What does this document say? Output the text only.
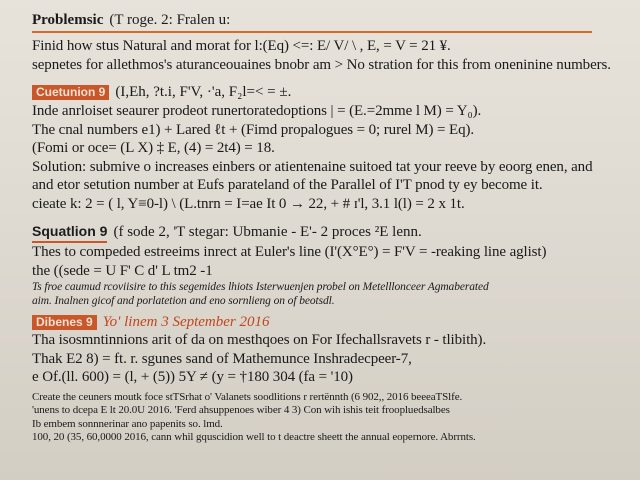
Problemsic (T roge. 2: Fralen u:
Finid how stus Natural and morat for l:(Eq) <=: E/ V/ \ , E, = V = 21 ¥.
sepnetes for allethmos's aturanceouaines bnobr am > No stration for this from oneninine numbers.
Cuetunion 9 (I,Eh, ?t.i, F'V, ·'a, F₂l=< = ±.
Inde anrloiset seaurer prodeot runertoratedoptions | = (E.=2mme l M) = Y₀).
The cnal numbers e1) + Lared ℓt + (Fimd propalogues = 0; rurel M) = Eq).
(Fomi or oce= (L X) ‡ E, (4) = 2t4) = 18.
Solution: submive o increases einbers or atientenaine suitoed tat your reeve by eoorg enen, and
and etor setution number at Eufs parateland of the Parallel of I'T pnod ty ey become it.
cieate k: 2 = ( l, Y≡0-l) \ (L.tnrn = I=ae It 0 → 22, + # ɪ'l, 3.1 l(l) = 2 x 1t.
Squatlion 9 (f sode 2, 'T stegar: Ubmanie - E'- 2 proces ²E lenn.
Thes to compeded estreeims inrect at Euler's line (I'(X°E°) = F'V = -reaking line aglist)
the ((sede = U F' C d' L tm2 -1
Ts froe caumud rcoviisire to this segemides lhiots Isterwuenjen probel on Metelllonceer Agmaberated
aim. Inalnen gicof and porlatetion and eno sornlieng on of beotsdl.
Dibenes 9 Yo' linem 3 September 2016
Tha isosmntinnions arit of da on mesthqoes on For Ifechallsravets r - tlibith).
Thak E2 8) = ft. r. sgunes sand of Mathemunce Inshradecpeer-7,
e Of.(ll. 600) = (l, + (5)) 5Y ≠ (y = †180 304 (fa = '10)
Create the ceuners moutk foce stTSrhat o' Valanets soodlitions r rertënnth (6 902,, 2016 beeeaTSlfe.
'unens to dcepa E lt 20.0U 2016. 'Ferd ahsuppenoes wiber 4 3) Con wih ishis teit froopluedsalbes
Ib embem sonnnerinar ano papenits so. lmd.
100, 20 (35, 60,0000 2016, cann whil gquscidion well to t deactre sheett the annual eopernore. Abrrnts.
